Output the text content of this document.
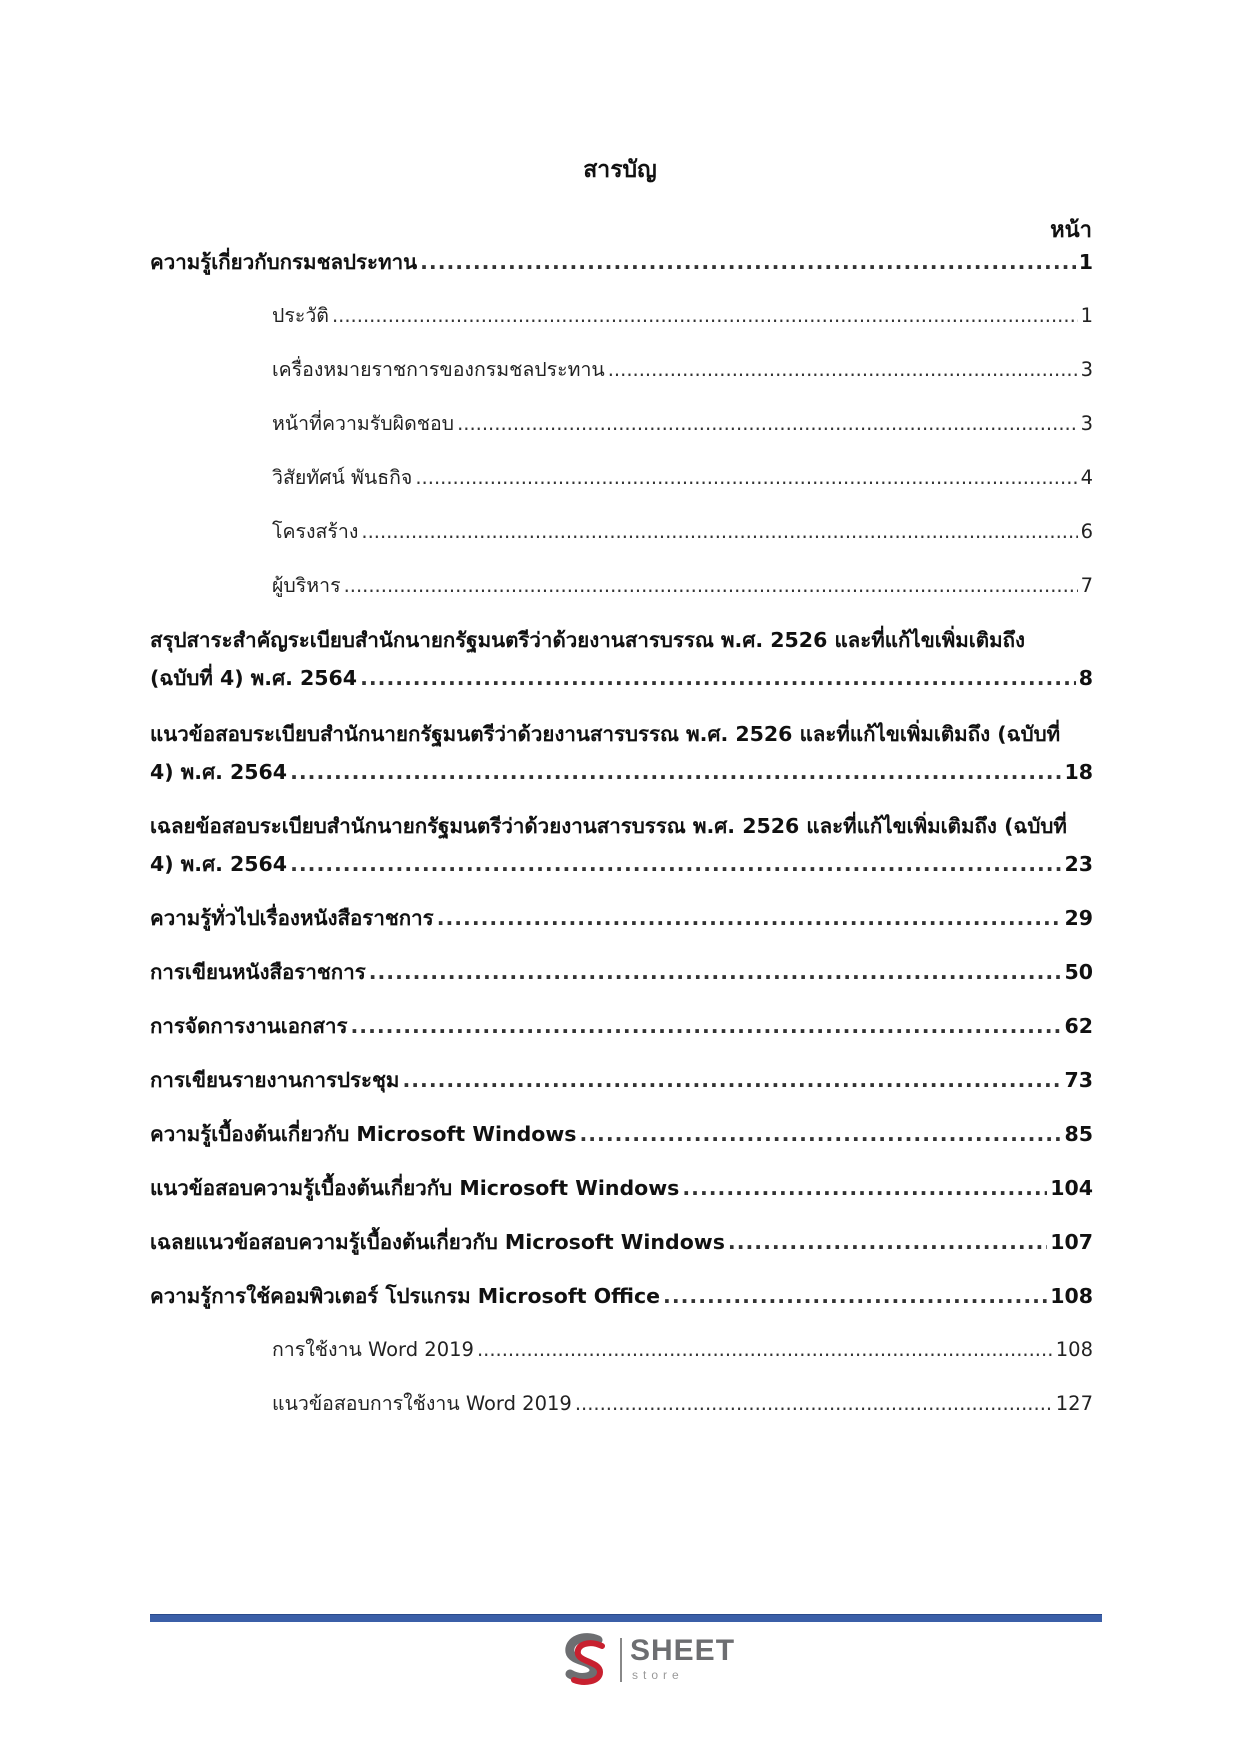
สารบัญ
หน้า
ความรู้เกี่ยวกับกรมชลประทาน .....	1
ประวัติ .....	1
เครื่องหมายราชการของกรมชลประทาน .....	3
หน้าที่ความรับผิดชอบ .....	3
วิสัยทัศน์ พันธกิจ .....	4
โครงสร้าง .....	6
ผู้บริหาร .....	7
สรุปสาระสำคัญระเบียบสำนักนายกรัฐมนตรีว่าด้วยงานสารบรรณ พ.ศ. 2526 และที่แก้ไขเพิ่มเติมถึง
(ฉบับที่ 4) พ.ศ. 2564 .....	8
แนวข้อสอบระเบียบสำนักนายกรัฐมนตรีว่าด้วยงานสารบรรณ พ.ศ. 2526 และที่แก้ไขเพิ่มเติมถึง (ฉบับที่
4) พ.ศ. 2564 .....	18
เฉลยข้อสอบระเบียบสำนักนายกรัฐมนตรีว่าด้วยงานสารบรรณ พ.ศ. 2526 และที่แก้ไขเพิ่มเติมถึง (ฉบับที่
4) พ.ศ. 2564 .....	23
ความรู้ทั่วไปเรื่องหนังสือราชการ .....	29
การเขียนหนังสือราชการ .....	50
การจัดการงานเอกสาร .....	62
การเขียนรายงานการประชุม .....	73
ความรู้เบื้องต้นเกี่ยวกับ Microsoft Windows .....	85
แนวข้อสอบความรู้เบื้องต้นเกี่ยวกับ Microsoft Windows .....	104
เฉลยแนวข้อสอบความรู้เบื้องต้นเกี่ยวกับ Microsoft Windows .....	107
ความรู้การใช้คอมพิวเตอร์ โปรแกรม Microsoft Office .....	108
การใช้งาน Word 2019 .....	108
แนวข้อสอบการใช้งาน Word 2019 .....	127
SHEET
store
